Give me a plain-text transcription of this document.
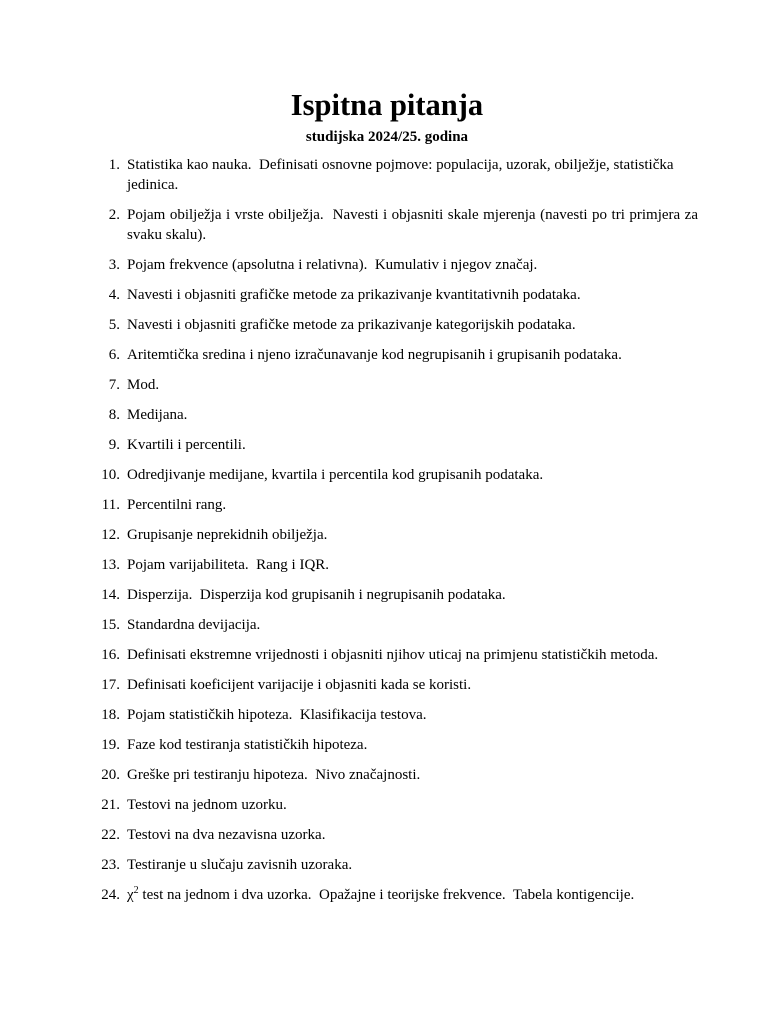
Ispitna pitanja

studijska 2024/25. godina

1. Statistika kao nauka.  Definisati osnovne pojmove: populacija, uzorak, obilježje, statistička jedinica.
2. Pojam obilježja i vrste obilježja.  Navesti i objasniti skale mjerenja (navesti po tri primjera za svaku skalu).
3. Pojam frekvence (apsolutna i relativna).  Kumulativ i njegov značaj.
4. Navesti i objasniti grafičke metode za prikazivanje kvantitativnih podataka.
5. Navesti i objasniti grafičke metode za prikazivanje kategorijskih podataka.
6. Aritemtička sredina i njeno izračunavanje kod negrupisanih i grupisanih podataka.
7. Mod.
8. Medijana.
9. Kvartili i percentili.
10. Odredjivanje medijane, kvartila i percentila kod grupisanih podataka.
11. Percentilni rang.
12. Grupisanje neprekidnih obilježja.
13. Pojam varijabiliteta.  Rang i IQR.
14. Disperzija.  Disperzija kod grupisanih i negrupisanih podataka.
15. Standardna devijacija.
16. Definisati ekstremne vrijednosti i objasniti njihov uticaj na primjenu statističkih metoda.
17. Definisati koeficijent varijacije i objasniti kada se koristi.
18. Pojam statističkih hipoteza.  Klasifikacija testova.
19. Faze kod testiranja statističkih hipoteza.
20. Greške pri testiranju hipoteza.  Nivo značajnosti.
21. Testovi na jednom uzorku.
22. Testovi na dva nezavisna uzorka.
23. Testiranje u slučaju zavisnih uzoraka.
24. $\chi^2$ test na jednom i dva uzorka.  Opažajne i teorijske frekvence.  Tabela kontigencije.
